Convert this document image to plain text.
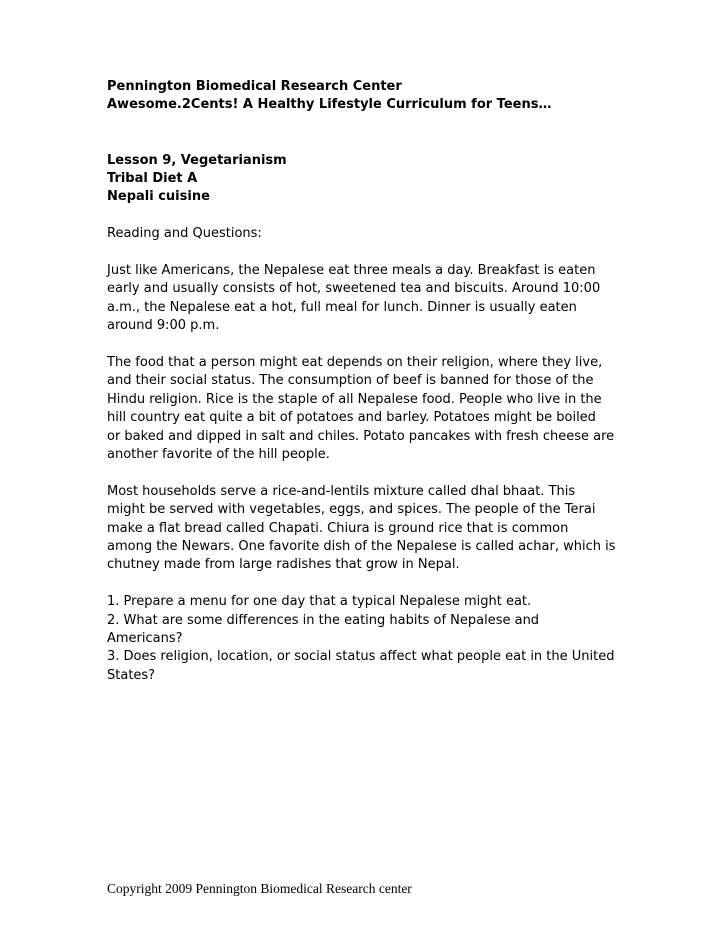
Pennington Biomedical Research Center
Awesome.2Cents! A Healthy Lifestyle Curriculum for Teens…
Lesson 9, Vegetarianism
Tribal Diet A
Nepali cuisine
Reading and Questions:
Just like Americans, the Nepalese eat three meals a day. Breakfast is eaten
early and usually consists of hot, sweetened tea and biscuits. Around 10:00
a.m., the Nepalese eat a hot, full meal for lunch. Dinner is usually eaten
around 9:00 p.m.
The food that a person might eat depends on their religion, where they live,
and their social status. The consumption of beef is banned for those of the
Hindu religion. Rice is the staple of all Nepalese food. People who live in the
hill country eat quite a bit of potatoes and barley. Potatoes might be boiled
or baked and dipped in salt and chiles. Potato pancakes with fresh cheese are
another favorite of the hill people.
Most households serve a rice-and-lentils mixture called dhal bhaat. This
might be served with vegetables, eggs, and spices. The people of the Terai
make a flat bread called Chapati. Chiura is ground rice that is common
among the Newars. One favorite dish of the Nepalese is called achar, which is
chutney made from large radishes that grow in Nepal.
1. Prepare a menu for one day that a typical Nepalese might eat.
2. What are some differences in the eating habits of Nepalese and
Americans?
3. Does religion, location, or social status affect what people eat in the United
States?
Copyright 2009 Pennington Biomedical Research center
